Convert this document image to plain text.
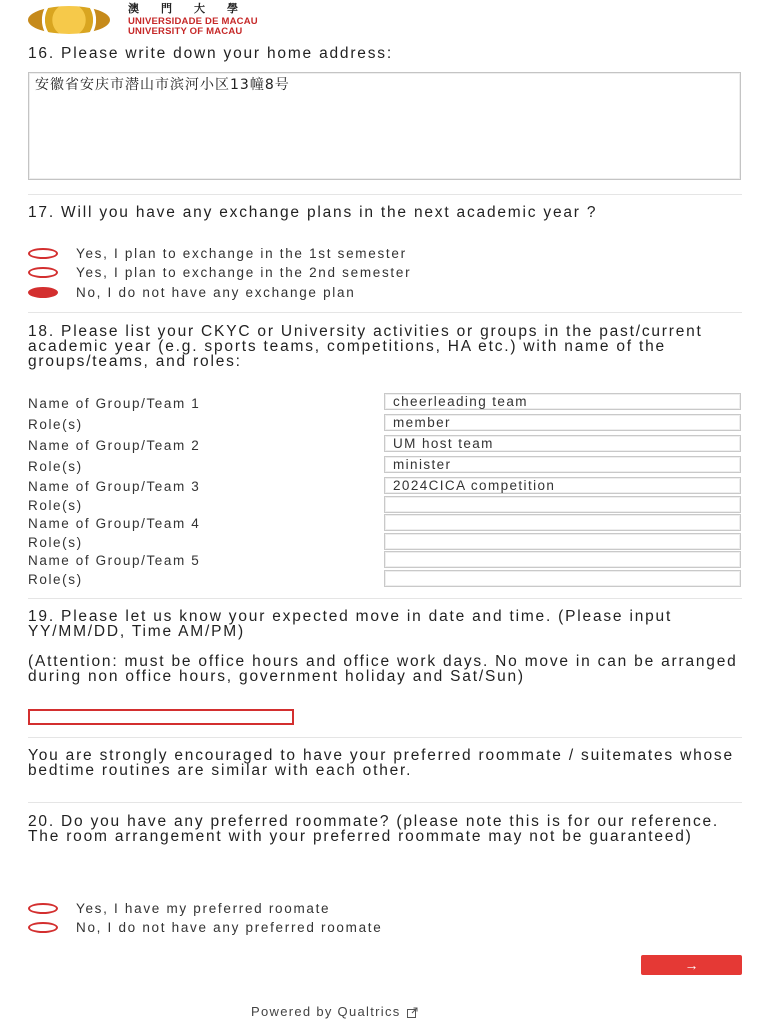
澳門大學
UNIVERSIDADE DE MACAU
UNIVERSITY OF MACAU
16. Please write down your home address:
安徽省安庆市潜山市滨河小区13幢8号
17. Will you have any exchange plans in the next academic year ?
Yes, I plan to exchange in the 1st semester
Yes, I plan to exchange in the 2nd semester
No, I do not have any exchange plan
18. Please list your CKYC or University activities or groups in the past/current academic year (e.g. sports teams, competitions, HA etc.) with name of the groups/teams, and roles:
Name of Group/Team 1	cheerleading team
Role(s)	member
Name of Group/Team 2	UM host team
Role(s)	minister
Name of Group/Team 3	2024CICA competition
Role(s)
Name of Group/Team 4
Role(s)
Name of Group/Team 5
Role(s)
19. Please let us know your expected move in date and time. (Please input YY/MM/DD, Time AM/PM)
(Attention: must be office hours and office work days. No move in can be arranged during non office hours, government holiday and Sat/Sun)
You are strongly encouraged to have your preferred roommate / suitemates whose bedtime routines are similar with each other.
20. Do you have any preferred roommate? (please note this is for our reference. The room arrangement with your preferred roommate may not be guaranteed)
Yes, I have my preferred roomate
No, I do not have any preferred roomate
→
Powered by Qualtrics
